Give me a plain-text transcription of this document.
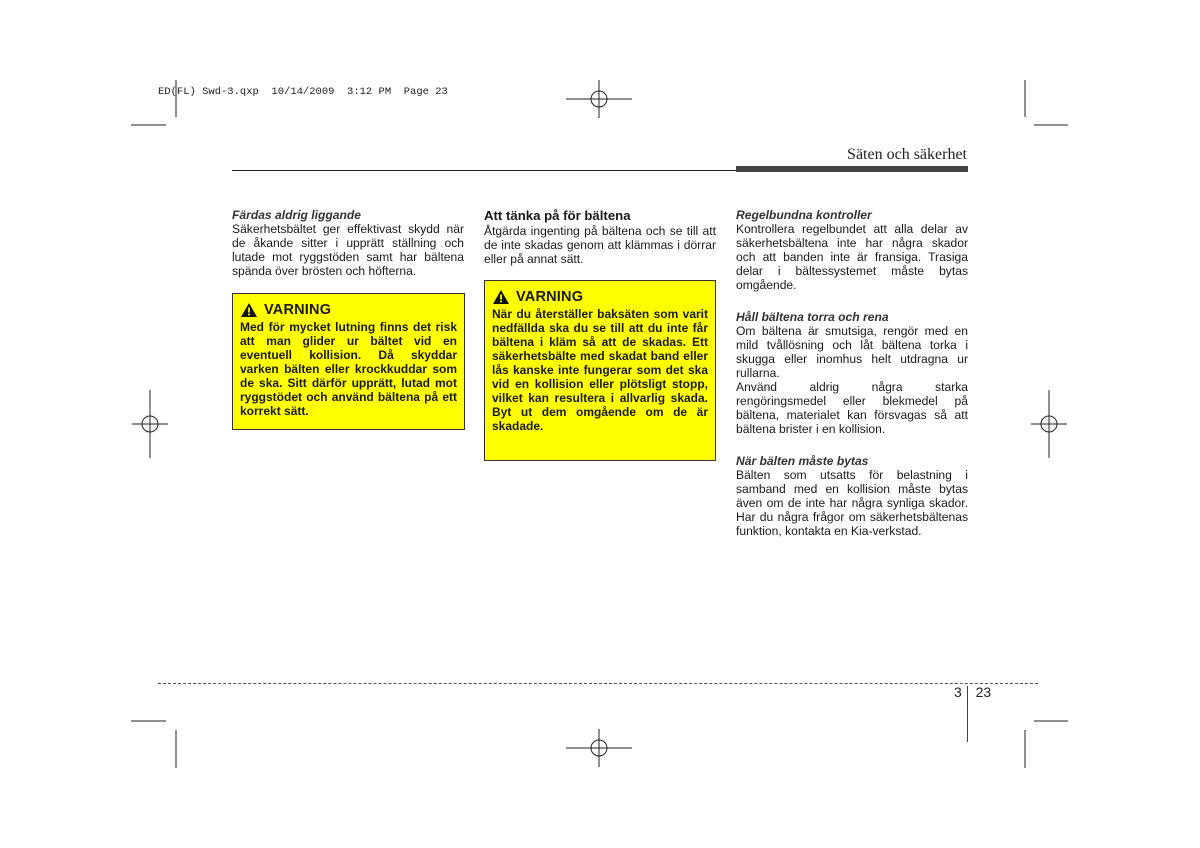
ED(FL) Swd-3.qxp  10/14/2009  3:12 PM  Page 23
Säten och säkerhet

Färdas aldrig liggande

Säkerhetsbältet ger effektivast skydd när de åkande sitter i upprätt ställning och lutade mot ryggstöden samt har bältena spända över brösten och höfterna.

VARNING

Med för mycket lutning finns det risk att man glider ur bältet vid en eventuell kollision. Då skyddar varken bälten eller krockkuddar som de ska. Sitt därför upprätt, lutad mot ryggstödet och använd bältena på ett korrekt sätt.

Att tänka på för bältena

Åtgärda ingenting på bältena och se till att de inte skadas genom att klämmas i dörrar eller på annat sätt.

VARNING

När du återställer baksäten som varit nedfällda ska du se till att du inte får bältena i kläm så att de skadas. Ett säkerhetsbälte med skadat band eller lås kanske inte fungerar som det ska vid en kollision eller plötsligt stopp, vilket kan resultera i allvarlig skada. Byt ut dem omgående om de är skadade.

Regelbundna kontroller

Kontrollera regelbundet att alla delar av säkerhetsbältena inte har några skador och att banden inte är fransiga. Trasiga delar i bältessystemet måste bytas omgående.

Håll bältena torra och rena

Om bältena är smutsiga, rengör med en mild tvållösning och låt bältena torka i skugga eller inomhus helt utdragna ur rullarna.

Använd aldrig några starka rengöringsmedel eller blekmedel på bältena, materialet kan försvagas så att bältena brister i en kollision.

När bälten måste bytas

Bälten som utsatts för belastning i samband med en kollision måste bytas även om de inte har några synliga skador. Har du några frågor om säkerhetsbältenas funktion, kontakta en Kia-verkstad.

3 23
